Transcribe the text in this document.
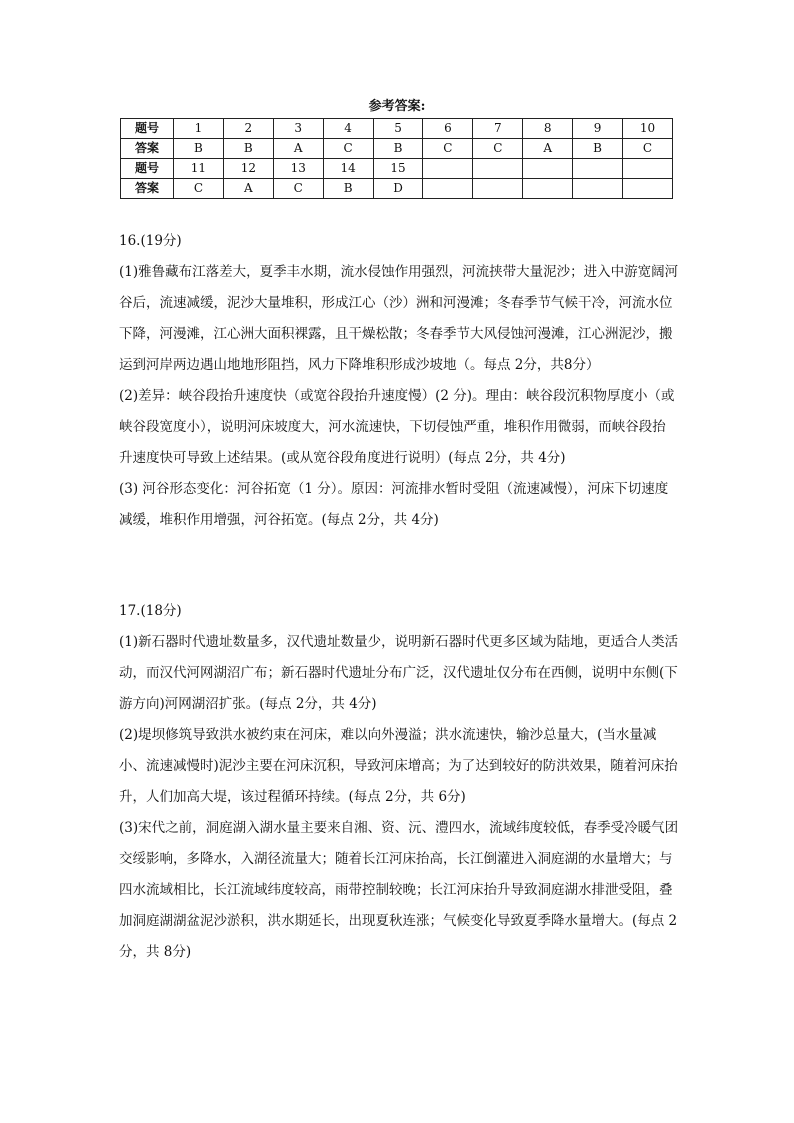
参考答案:
题号	1	2	3	4	5	6	7	8	9	10
答案	B	B	A	C	B	C	C	A	B	C
题号	11	12	13	14	15					
答案	C	A	C	B	D					

16.(19分)

(1)雅鲁藏布江落差大，夏季丰水期，流水侵蚀作用强烈，河流挟带大量泥沙；进入中游宽阔河谷后，流速减缓，泥沙大量堆积，形成江心（沙）洲和河漫滩；冬春季节气候干冷，河流水位下降，河漫滩，江心洲大面积裸露，且干燥松散；冬春季节大风侵蚀河漫滩，江心洲泥沙，搬运到河岸两边遇山地地形阻挡，风力下降堆积形成沙坡地（。每点 2分，共8分）

(2)差异：峡谷段抬升速度快（或宽谷段抬升速度慢）(2 分)。理由：峡谷段沉积物厚度小（或峡谷段宽度小），说明河床坡度大，河水流速快，下切侵蚀严重，堆积作用微弱，而峡谷段抬升速度快可导致上述结果。(或从宽谷段角度进行说明）(每点 2分，共 4分)

(3) 河谷形态变化：河谷拓宽（1 分）。原因：河流排水暂时受阻（流速减慢），河床下切速度减缓，堆积作用增强，河谷拓宽。(每点 2分，共 4分)

17.(18分)

(1)新石器时代遗址数量多，汉代遗址数量少，说明新石器时代更多区域为陆地，更适合人类活动，而汉代河网湖沼广布；新石器时代遗址分布广泛，汉代遗址仅分布在西侧，说明中东侧(下游方向)河网湖沼扩张。(每点 2分，共 4分)

(2)堤坝修筑导致洪水被约束在河床，难以向外漫溢；洪水流速快，输沙总量大，(当水量减小、流速减慢时)泥沙主要在河床沉积，导致河床增高；为了达到较好的防洪效果，随着河床抬升，人们加高大堤，该过程循环持续。(每点 2分，共 6分)

(3)宋代之前，洞庭湖入湖水量主要来自湘、资、沅、澧四水，流域纬度较低，春季受冷暖气团交绥影响，多降水，入湖径流量大；随着长江河床抬高，长江倒灌进入洞庭湖的水量增大；与四水流域相比，长江流域纬度较高，雨带控制较晚；长江河床抬升导致洞庭湖水排泄受阻，叠加洞庭湖湖盆泥沙淤积，洪水期延长，出现夏秋连涨；气候变化导致夏季降水量增大。(每点 2分，共 8分)
